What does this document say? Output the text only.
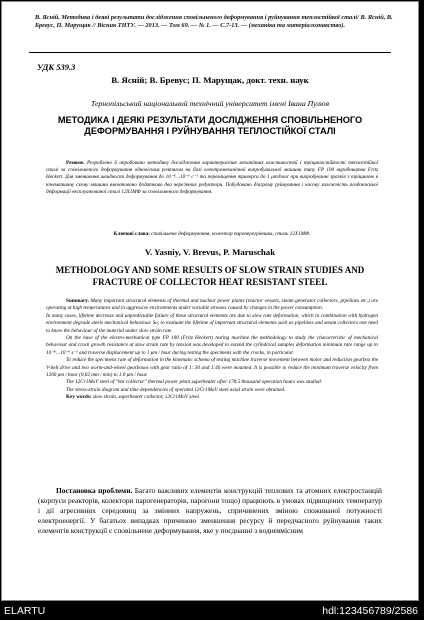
В. Ясній. Методика і деякі результати дослідження сповільненого деформування і руйнування теплостійкої сталі/ В. Ясній, В. Бревус, П. Марущак // Вісник ТНТУ. — 2013. — Том 69. — № 1. — С.7-13. — (механіка та матеріалознавство).
УДК 539.3
В. Ясній; В. Бревус; П. Марущак, докт. техн. наук
Тернопільський національний технічний університет імені Івана Пулюя
МЕТОДИКА І ДЕЯКІ РЕЗУЛЬТАТИ ДОСЛІДЖЕННЯ СПОВІЛЬНЕНОГО ДЕФОРМУВАННЯ І РУЙНУВАННЯ ТЕПЛОСТІЙКОЇ СТАЛІ

Резюме. Розроблено й апробовано методику дослідження характеристик механічних властивостей і тріщиностійкості теплостійкої сталі за сповільненого деформування одновісним розтягом на базі електромеханічної випробувальної машини типу FP 100 виробництва Fritz Heckert. Для зменшення швидкості деформування до 10⁻⁸…10⁻⁶ с⁻¹ та переміщення траверси до 1 μm/hour при випробуванні зразків з тріщиною в кінематичну схему машини вмонтовано додатково два черв'ячних редуктори. Побудовано діаграму руйнування і часову залежність поздовжньої деформації експлуатованої сталі 12Х1МФ за сповільненого деформування.

Ключові слова: сповільнене деформування, колектор пароперегрівника, сталь 12Х1МФ.
V. Yasniy, V. Brevus, P. Maruschak
METHODOLOGY AND SOME RESULTS OF SLOW STRAIN STUDIES AND FRACTURE OF COLLECTOR HEAT RESISTANT STEEL

Summary. Many important structural elements of thermal and nuclear power plants (reactor vessels, steam generator collectors, pipelines etc.) are operating at high temperatures and in aggressive environments under variable stresses caused by changes in the power consumption.

In many cases, lifetime decrease and unpredictable failure of these structural elements are due to slow rate deformation, which in combination with hydrogen environment degrade steels mechanical behaviour. So, to evaluate the lifetime of important structural elements such as pipelines and steam collectors one need to know the behaviour of the material under slow strain rate.

On the base of the electro-mechanical type FP 100 (Fritz Heckert) testing machine the methodology to study the characteristic of mechanical behaviour and crack growth resistance at slow strain rate by tension was developed to extend the cylindrical samples deformation minimum rate range up to 10⁻⁸…10⁻⁶ s⁻¹ and traverse displacement up to 1 μm / hour during testing the specimens with the cracks, in particular.

To reduce the specimens rate of deformation in the kinematic schema of testing machine traverse movement between motor and reduction gearbox the V-belt drive and two worm-and-wheel gearboxes with gear ratio of 1: 30 and 1:40 were mounted. It is possible to reduce the minimum traverse velocity from 1200 μm / hour (0.02 mm / min) to 1.0 μm / hour.

The 12Cr1MoV steel of "hot collector" thermal power plant superheater after 178.5 thousand operation hours was studied.

The stress-strain diagram and time dependencies of operated 12Cr1MoV steel axial strain were obtained.

Key words: slow strain, superheater collector, 12Cr1MoV steel.

Постановка проблеми. Багато важливих елементів конструкцій теплових та атомних електростанцій (корпуси реакторів, колектори парогенераторів, парогони тощо) працюють в умовах підвищених температур і дії агресивних середовищ за змінних напружень, спричинених зміною споживаної потужності електроенергії. У багатьох випадках причиною зменшення ресурсу й передчасного руйнування таких елементів конструкції є сповільнене деформування, яке у поєднанні з водневмісним

ELARTU	hdl:123456789/2586
